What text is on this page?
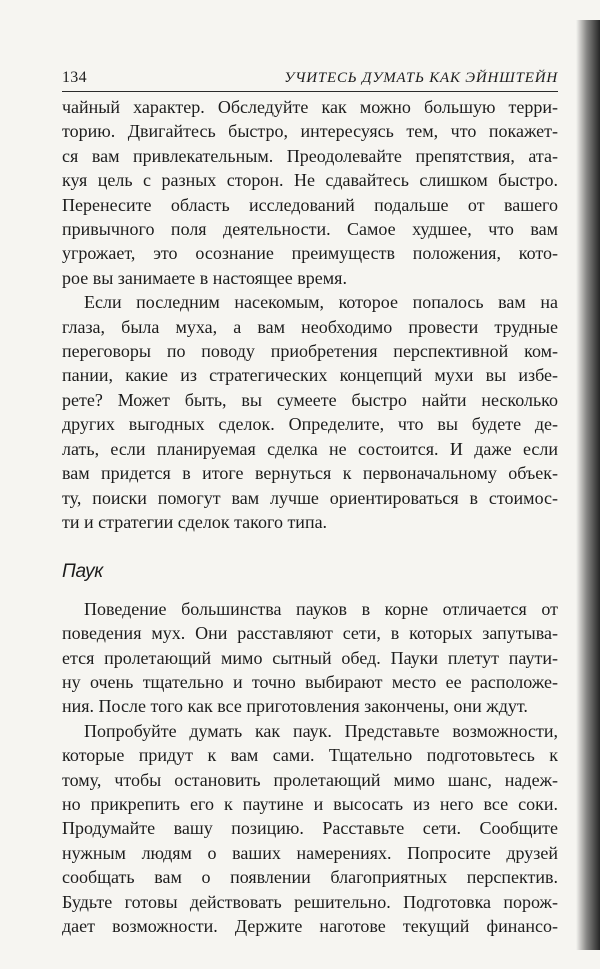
134	УЧИТЕСЬ ДУМАТЬ КАК ЭЙНШТЕЙН

чайный характер. Обследуйте как можно большую терри-
торию. Двигайтесь быстро, интересуясь тем, что покажет-
ся вам привлекательным. Преодолевайте препятствия, ата-
куя цель с разных сторон. Не сдавайтесь слишком быстро.
Перенесите область исследований подальше от вашего
привычного поля деятельности. Самое худшее, что вам
угрожает, это осознание преимуществ положения, кото-
рое вы занимаете в настоящее время.

Если последним насекомым, которое попалось вам на
глаза, была муха, а вам необходимо провести трудные
переговоры по поводу приобретения перспективной ком-
пании, какие из стратегических концепций мухи вы избе-
рете? Может быть, вы сумеете быстро найти несколько
других выгодных сделок. Определите, что вы будете де-
лать, если планируемая сделка не состоится. И даже если
вам придется в итоге вернуться к первоначальному объек-
ту, поиски помогут вам лучше ориентироваться в стоимос-
ти и стратегии сделок такого типа.

Паук

Поведение большинства пауков в корне отличается от
поведения мух. Они расставляют сети, в которых запутыва-
ется пролетающий мимо сытный обед. Пауки плетут паути-
ну очень тщательно и точно выбирают место ее расположе-
ния. После того как все приготовления закончены, они ждут.

Попробуйте думать как паук. Представьте возможности,
которые придут к вам сами. Тщательно подготовьтесь к
тому, чтобы остановить пролетающий мимо шанс, надеж-
но прикрепить его к паутине и высосать из него все соки.
Продумайте вашу позицию. Расставьте сети. Сообщите
нужным людям о ваших намерениях. Попросите друзей
сообщать вам о появлении благоприятных перспектив.
Будьте готовы действовать решительно. Подготовка порож-
дает возможности. Держите наготове текущий финансо-
